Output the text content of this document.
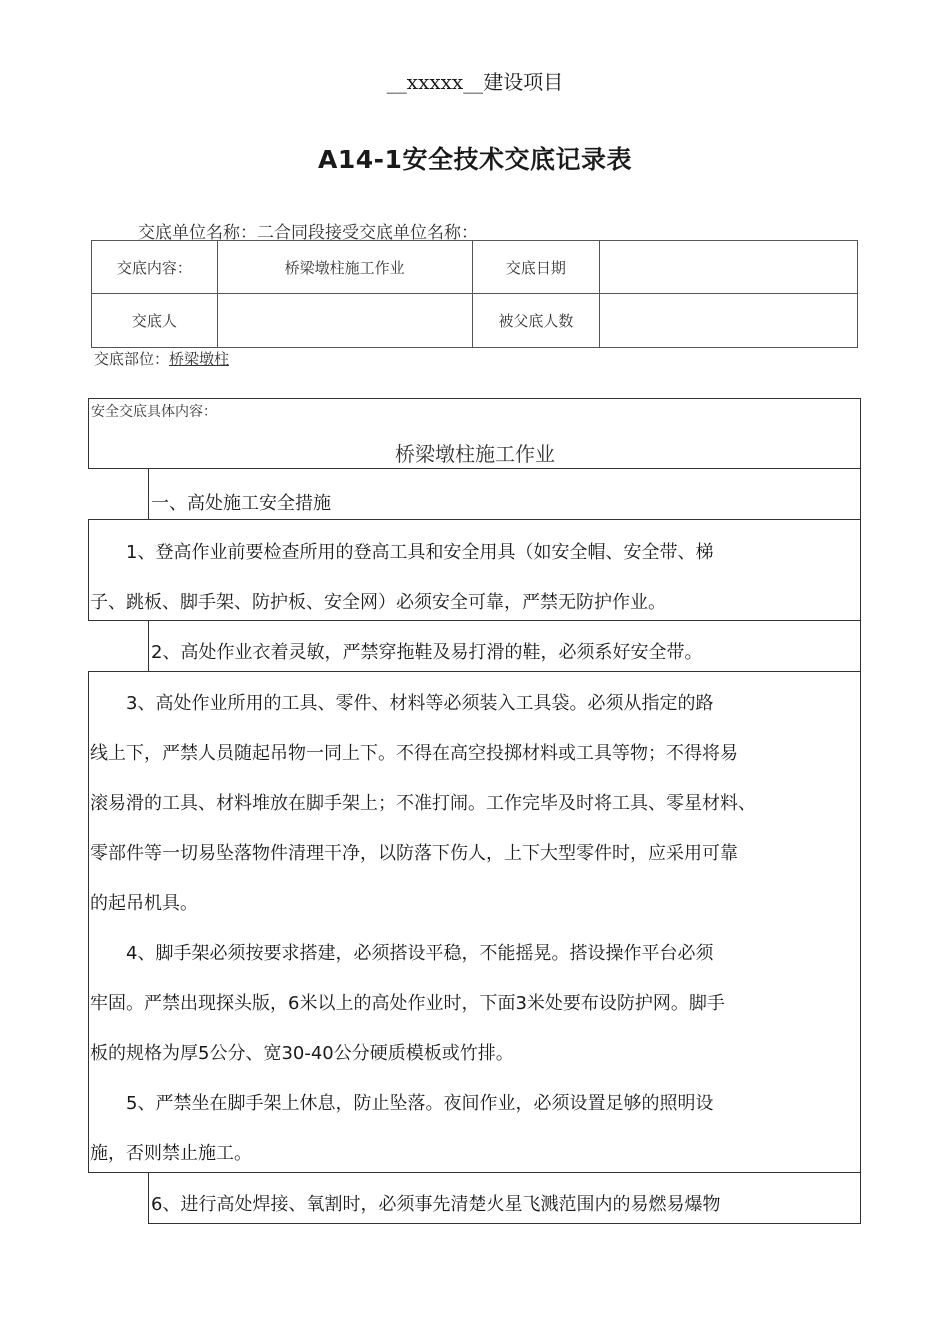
__xxxxx__建设项目
A14-1安全技术交底记录表
交底单位名称：二合同段接受交底单位名称：
交底内容：	桥梁墩柱施工作业	交底日期	
交底人		被父底人数	
交底部位：桥梁墩柱
安全交底具体内容：
桥梁墩柱施工作业
一、高处施工安全措施
　　1、登高作业前要检查所用的登高工具和安全用具（如安全帽、安全带、梯
子、跳板、脚手架、防护板、安全网）必须安全可靠，严禁无防护作业。
2、高处作业衣着灵敏，严禁穿拖鞋及易打滑的鞋，必须系好安全带。
　　3、高处作业所用的工具、零件、材料等必须装入工具袋。必须从指定的路
线上下，严禁人员随起吊物一同上下。不得在高空投掷材料或工具等物；不得将易
滚易滑的工具、材料堆放在脚手架上；不准打闹。工作完毕及时将工具、零星材料、
零部件等一切易坠落物件清理干净，以防落下伤人，上下大型零件时，应采用可靠
的起吊机具。
　　4、脚手架必须按要求搭建，必须搭设平稳，不能摇晃。搭设操作平台必须
牢固。严禁出现探头版，6米以上的高处作业时，下面3米处要布设防护网。脚手
板的规格为厚5公分、宽30-40公分硬质模板或竹排。
　　5、严禁坐在脚手架上休息，防止坠落。夜间作业，必须设置足够的照明设
施，否则禁止施工。
6、进行高处焊接、氧割时，必须事先清楚火星飞溅范围内的易燃易爆物
